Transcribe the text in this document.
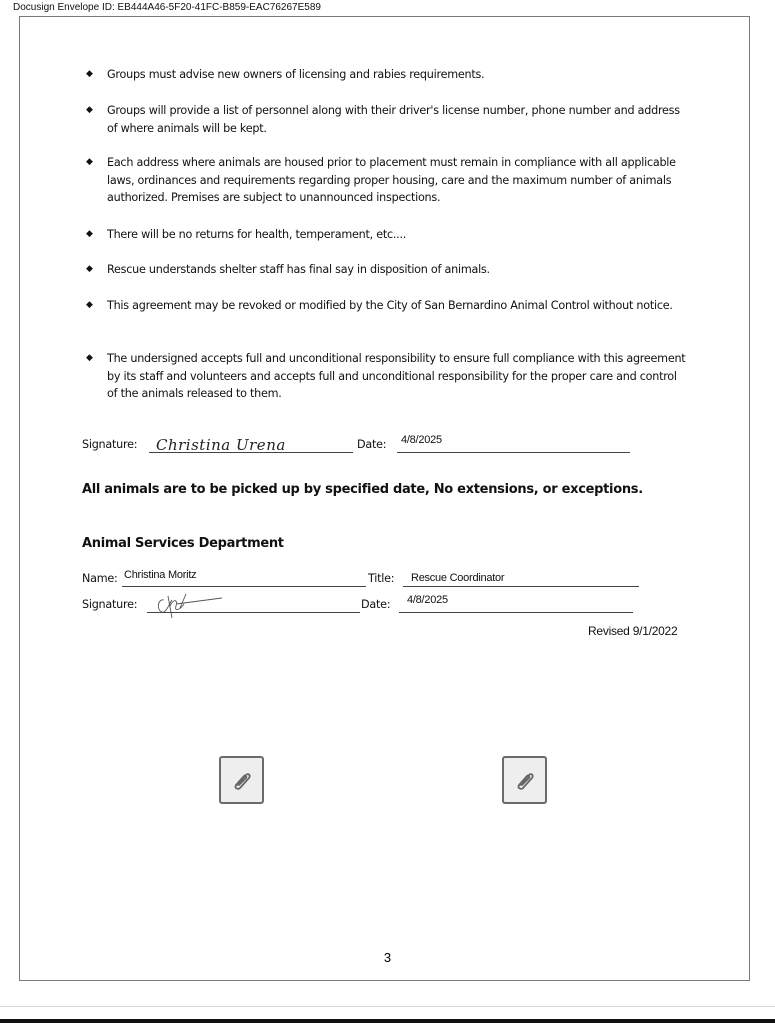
Docusign Envelope ID: EB444A46-5F20-41FC-B859-EAC76267E589
◆ Groups must advise new owners of licensing and rabies requirements.
◆ Groups will provide a list of personnel along with their driver's license number, phone number and address of where animals will be kept.
◆ Each address where animals are housed prior to placement must remain in compliance with all applicable laws, ordinances and requirements regarding proper housing, care and the maximum number of animals authorized. Premises are subject to unannounced inspections.
◆ There will be no returns for health, temperament, etc....
◆ Rescue understands shelter staff has final say in disposition of animals.
◆ This agreement may be revoked or modified by the City of San Bernardino Animal Control without notice.
◆ The undersigned accepts full and unconditional responsibility to ensure full compliance with this agreement by its staff and volunteers and accepts full and unconditional responsibility for the proper care and control of the animals released to them.
Signature: Christina Urena	Date: 4/8/2025
All animals are to be picked up by specified date, No extensions, or exceptions.
Animal Services Department
Name: Christina Moritz	Title: Rescue Coordinator
Signature:	Date: 4/8/2025
Revised 9/1/2022
3
